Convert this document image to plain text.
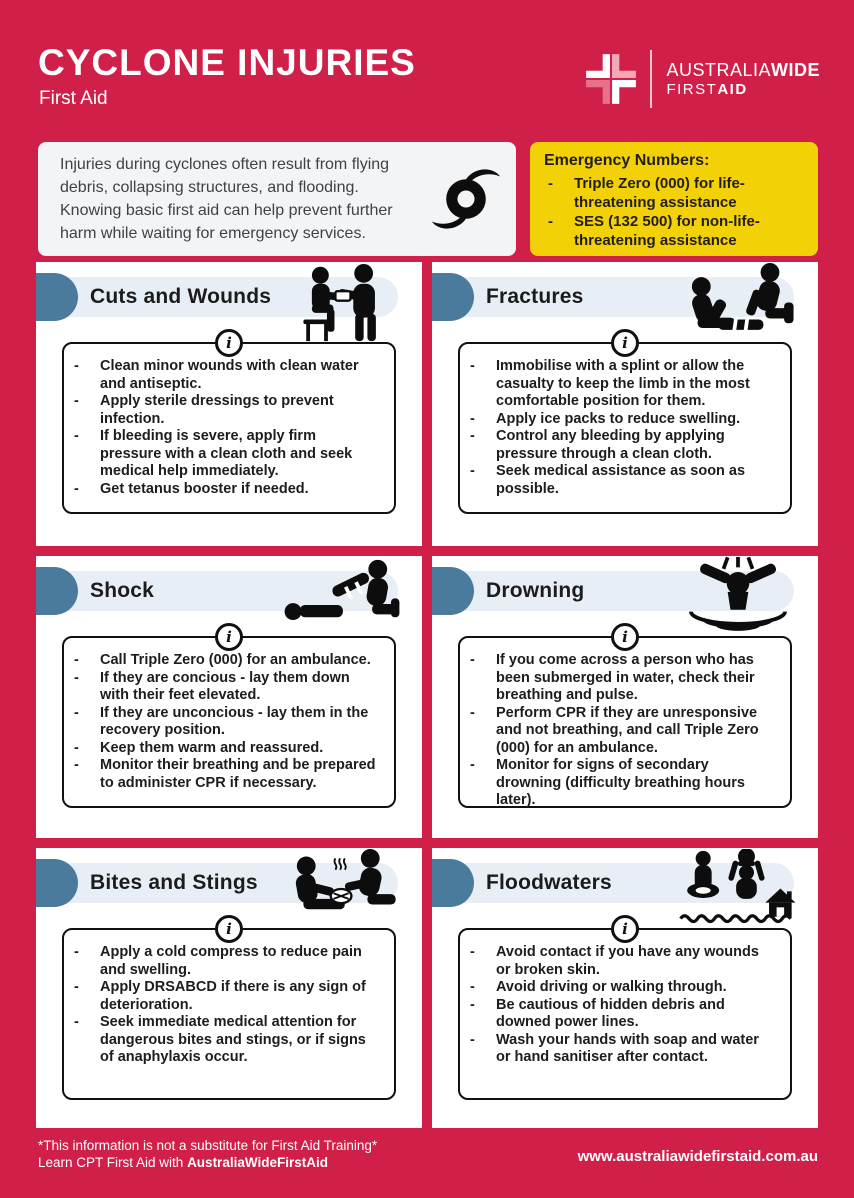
CYCLONE INJURIES
First Aid
AUSTRALIAWIDE
FIRSTAID
Injuries during cyclones often result from flying debris, collapsing structures, and flooding. Knowing basic first aid can help prevent further harm while waiting for emergency services.
Emergency Numbers:
- Triple Zero (000) for life-threatening assistance
- SES (132 500) for non-life-threatening assistance
Cuts and Wounds
i
- Clean minor wounds with clean water and antiseptic.
- Apply sterile dressings to prevent infection.
- If bleeding is severe, apply firm pressure with a clean cloth and seek medical help immediately.
- Get tetanus booster if needed.
Fractures
i
- Immobilise with a splint or allow the casualty to keep the limb in the most comfortable position for them.
- Apply ice packs to reduce swelling.
- Control any bleeding by applying pressure through a clean cloth.
- Seek medical assistance as soon as possible.
Shock
i
- Call Triple Zero (000) for an ambulance.
- If they are concious - lay them down with their feet elevated.
- If they are unconcious - lay them in the recovery position.
- Keep them warm and reassured.
- Monitor their breathing and be prepared to administer CPR if necessary.
Drowning
i
- If you come across a person who has been submerged in water, check their breathing and pulse.
- Perform CPR if they are unresponsive and not breathing, and call Triple Zero (000) for an ambulance.
- Monitor for signs of secondary drowning (difficulty breathing hours later).
Bites and Stings
i
- Apply a cold compress to reduce pain and swelling.
- Apply DRSABCD if there is any sign of deterioration.
- Seek immediate medical attention for dangerous bites and stings, or if signs of anaphylaxis occur.
Floodwaters
i
- Avoid contact if you have any wounds or broken skin.
- Avoid driving or walking through.
- Be cautious of hidden debris and downed power lines.
- Wash your hands with soap and water or hand sanitiser after contact.
*This information is not a substitute for First Aid Training*
Learn CPT First Aid with AustraliaWideFirstAid	www.australiawidefirstaid.com.au
